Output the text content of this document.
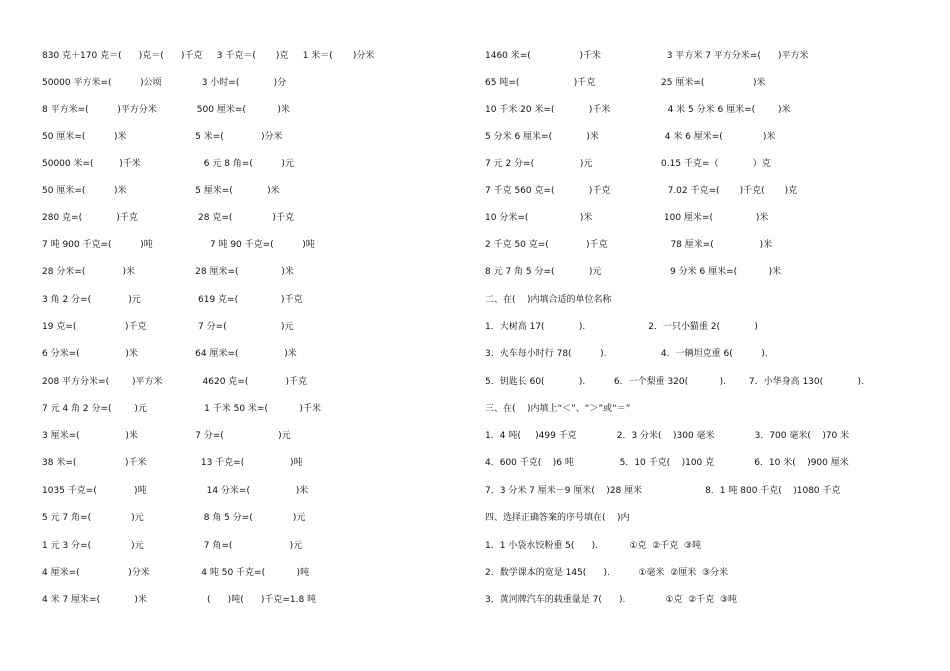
830 克＋170 克＝(      )克＝(      )千克     3 千克＝(       )克     1 米＝(       )分米
50000 平方米=(          )公顷              3 小时=(            )分
8 平方米=(          )平方分米              500 厘米=(           )米
50 厘米=(          )米                        5 米=(             )分米
50000 米=(         )千米                      6 元 8 角=(          )元
50 厘米=(          )米                        5 厘米=(            )米
280 克=(            )千克                     28 克=(              )千克
7 吨 900 千克=(          )吨                    7 吨 90 千克=(          )吨
28 分米=(             )米                     28 厘米=(               )米
3 角 2 分=(             )元                    619 克=(               )千克
19 克=(                 )千克                  7 分=(                   )元
6 分米=(                )米                    64 厘米=(                )米
208 平方分米=(        )平方米              4620 克=(             )千克
7 元 4 角 2 分=(        )元                    1 千米 50 米=(           )千米
3 厘米=(                )米                    7 分=(                   )元
38 米=(                 )千米                   13 千克=(                )吨
1035 千克=(             )吨                     14 分米=(                )米
5 元 7 角=(              )元                     8 角 5 分=(              )元
1 元 3 分=(              )元                     7 角=(                    )元
4 厘米=(                 )分米                  4 吨 50 千克=(           )吨
4 米 7 厘米=(            )米                     (      )吨(      )千克=1.8 吨
1460 米=(                 )千米                       3 平方米 7 平方分米=(      )平方米
65 吨=(                   )千克                       25 厘米=(                 )米
10 千米 20 米=(            )千米                    4 米 5 分米 6 厘米=(        )米
5 分米 6 厘米=(            )米                       4 米 6 厘米=(              )米
7 元 2 分=(                )元                        0.15 千克=（            ）克
7 千克 560 克=(            )千克                    7.02 千克=(       )千克(       )克
10 分米=(                  )米                         100 厘米=(               )米
2 千克 50 克=(             )千克                      78 厘米=(                )米
8 元 7 角 5 分=(            )元                        9 分米 6 厘米=(           )米
二、在(    )内填合适的单位名称
1．大树高 17(            ).                      2．一只小猫重 2(            )
3．火车每小时行 78(          ).                   4．一辆坦克重 6(          ).
5．钥匙长 60(            ).          6．一个梨重 320(           ).        7．小华身高 130(            ).
三、在(    )内填上“＜”、“＞”或“＝”
1．4 吨(     )499 千克              2．3 分米(    )300 毫米              3．700 毫米(    )70 米
4．600 千克(    )6 吨                5．10 千克(    )100 克              6．10 米(    )900 厘米
7．3 分米 7 厘米－9 厘米(    )28 厘米                      8．1 吨 800 千克(    )1080 千克
四、选择正确答案的序号填在(    )内
1．1 小袋水饺粉重 5(      ).           ①克  ②千克  ③吨
2．数学课本的宽是 145(      ).          ①毫米  ②厘米  ③分米
3．黄河牌汽车的载重量是 7(      ).              ①克  ②千克  ③吨
